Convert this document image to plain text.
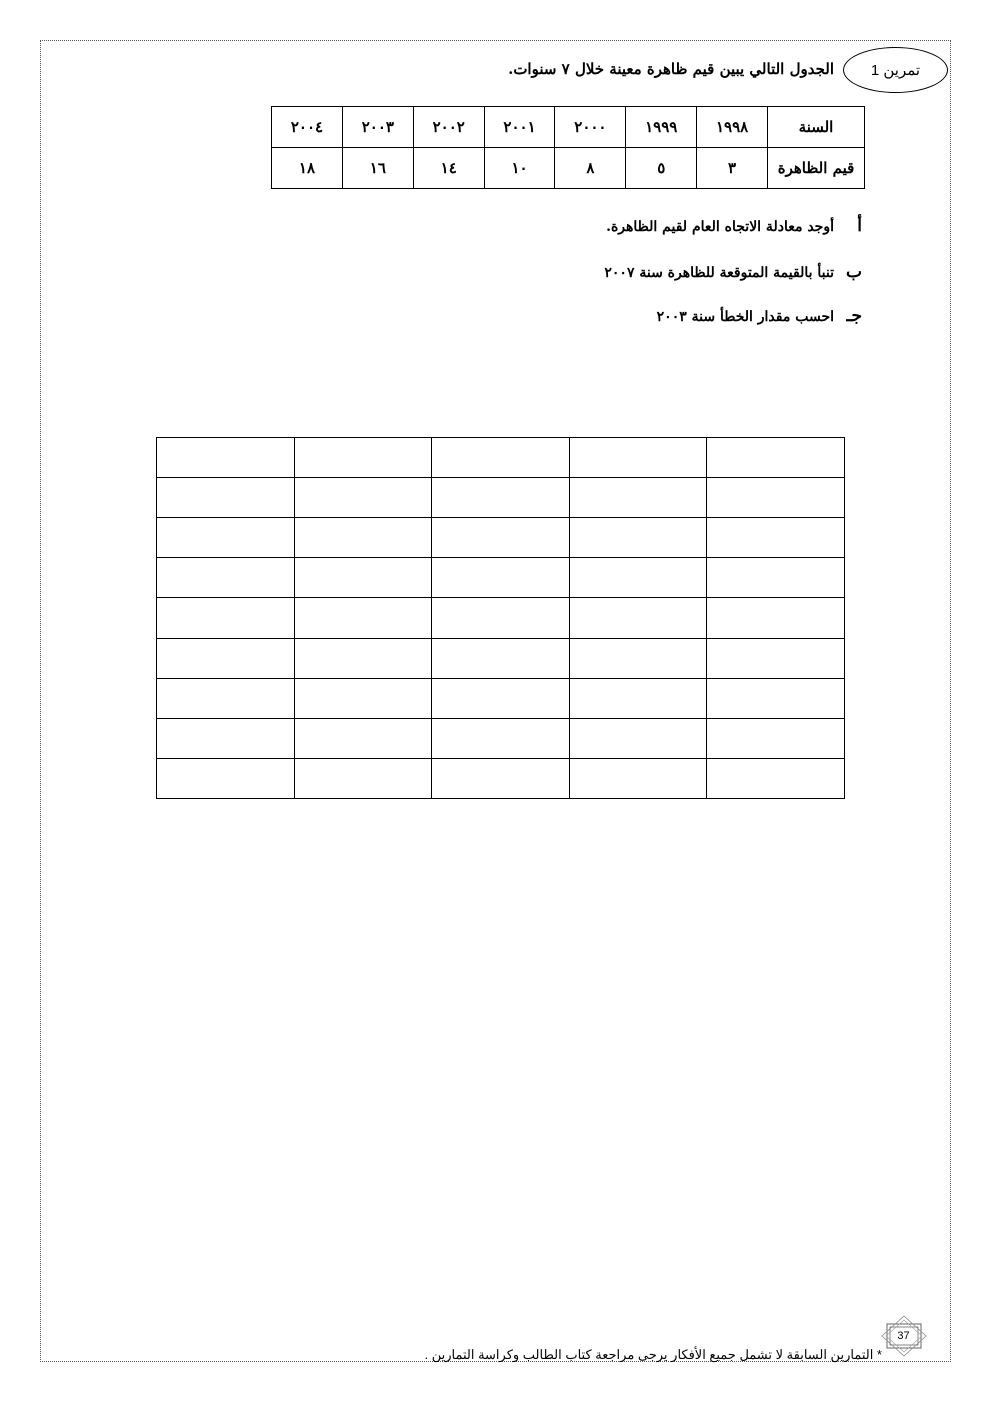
تمرين 1
الجدول التالي يبين قيم ظاهرة معينة خلال ٧ سنوات.
السنة	١٩٩٨	١٩٩٩	٢٠٠٠	٢٠٠١	٢٠٠٢	٢٠٠٣	٢٠٠٤
قيم الظاهرة	٣	٥	٨	١٠	١٤	١٦	١٨
أأوجد معادلة الاتجاه العام لقيم الظاهرة.
بتنبأ بالقيمة المتوقعة للظاهرة سنة ٢٠٠٧
جـاحسب مقدار الخطأ سنة ٢٠٠٣

37
* التمارين السابقة لا تشمل جميع الأفكار يرجى مراجعة كتاب الطالب وكراسة التمارين .
